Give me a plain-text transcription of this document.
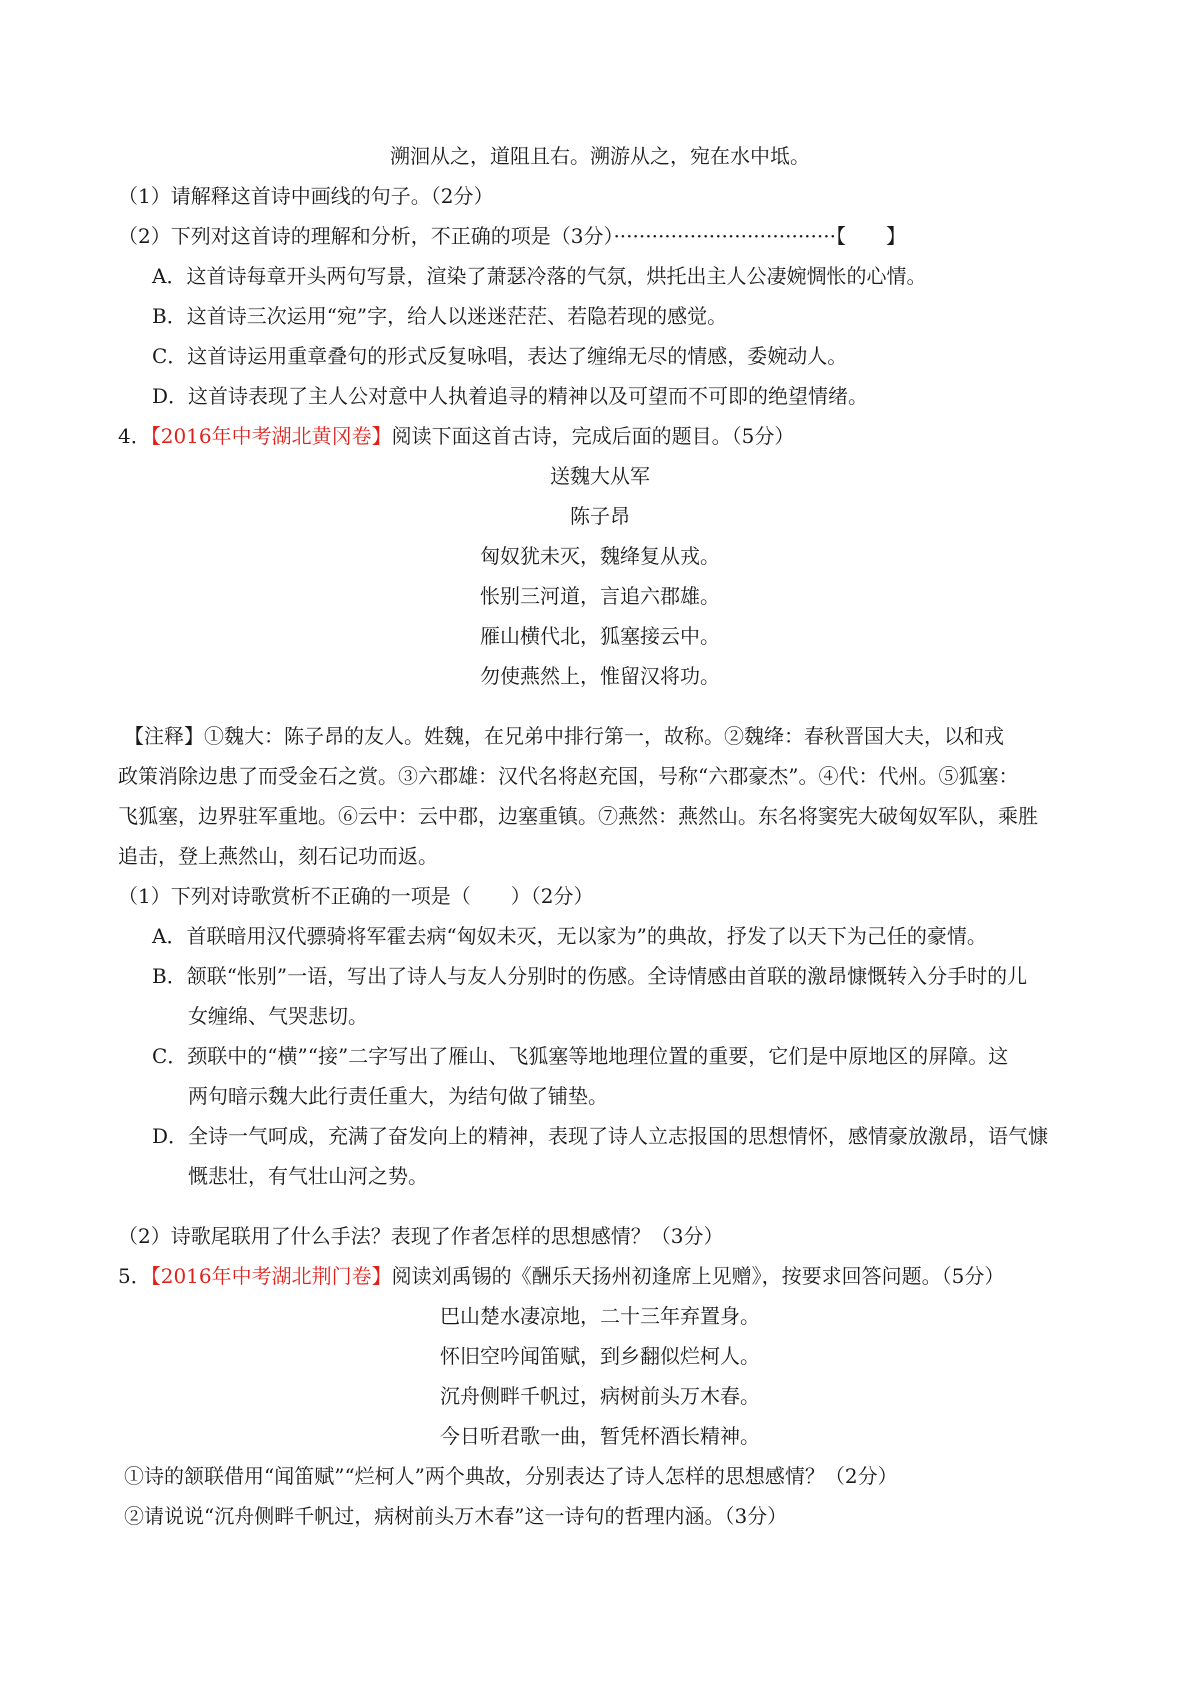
溯洄从之，道阻且右。溯游从之，宛在水中坻。
（1）请解释这首诗中画线的句子。（2分）
（2）下列对这首诗的理解和分析，不正确的项是（3分）···································【　　】
A．这首诗每章开头两句写景，渲染了萧瑟冷落的气氛，烘托出主人公凄婉惆怅的心情。
B．这首诗三次运用“宛”字，给人以迷迷茫茫、若隐若现的感觉。
C．这首诗运用重章叠句的形式反复咏唱，表达了缠绵无尽的情感，委婉动人。
D．这首诗表现了主人公对意中人执着追寻的精神以及可望而不可即的绝望情绪。
4．【2016年中考湖北黄冈卷】阅读下面这首古诗，完成后面的题目。（5分）
送魏大从军
陈子昂
匈奴犹未灭，魏绛复从戎。
怅别三河道，言追六郡雄。
雁山横代北，狐塞接云中。
勿使燕然上，惟留汉将功。
【注释】①魏大：陈子昂的友人。姓魏，在兄弟中排行第一，故称。②魏绛：春秋晋国大夫，以和戎
政策消除边患了而受金石之赏。③六郡雄：汉代名将赵充国，号称“六郡豪杰”。④代：代州。⑤狐塞：
飞狐塞，边界驻军重地。⑥云中：云中郡，边塞重镇。⑦燕然：燕然山。东名将窦宪大破匈奴军队，乘胜
追击，登上燕然山，刻石记功而返。
（1）下列对诗歌赏析不正确的一项是（　　）（2分）
A．首联暗用汉代骠骑将军霍去病“匈奴未灭，无以家为”的典故，抒发了以天下为己任的豪情。
B．颔联“怅别”一语，写出了诗人与友人分别时的伤感。全诗情感由首联的激昂慷慨转入分手时的儿
女缠绵、气哭悲切。
C．颈联中的“横”“接”二字写出了雁山、飞狐塞等地地理位置的重要，它们是中原地区的屏障。这
两句暗示魏大此行责任重大，为结句做了铺垫。
D．全诗一气呵成，充满了奋发向上的精神，表现了诗人立志报国的思想情怀，感情豪放激昂，语气慷
慨悲壮，有气壮山河之势。
（2）诗歌尾联用了什么手法？表现了作者怎样的思想感情？（3分）
5．【2016年中考湖北荆门卷】阅读刘禹锡的《酬乐天扬州初逢席上见赠》，按要求回答问题。（5分）
巴山楚水凄凉地，二十三年弃置身。
怀旧空吟闻笛赋，到乡翻似烂柯人。
沉舟侧畔千帆过，病树前头万木春。
今日听君歌一曲，暂凭杯酒长精神。
①诗的颔联借用“闻笛赋”“烂柯人”两个典故，分别表达了诗人怎样的思想感情？（2分）
②请说说“沉舟侧畔千帆过，病树前头万木春”这一诗句的哲理内涵。（3分）
